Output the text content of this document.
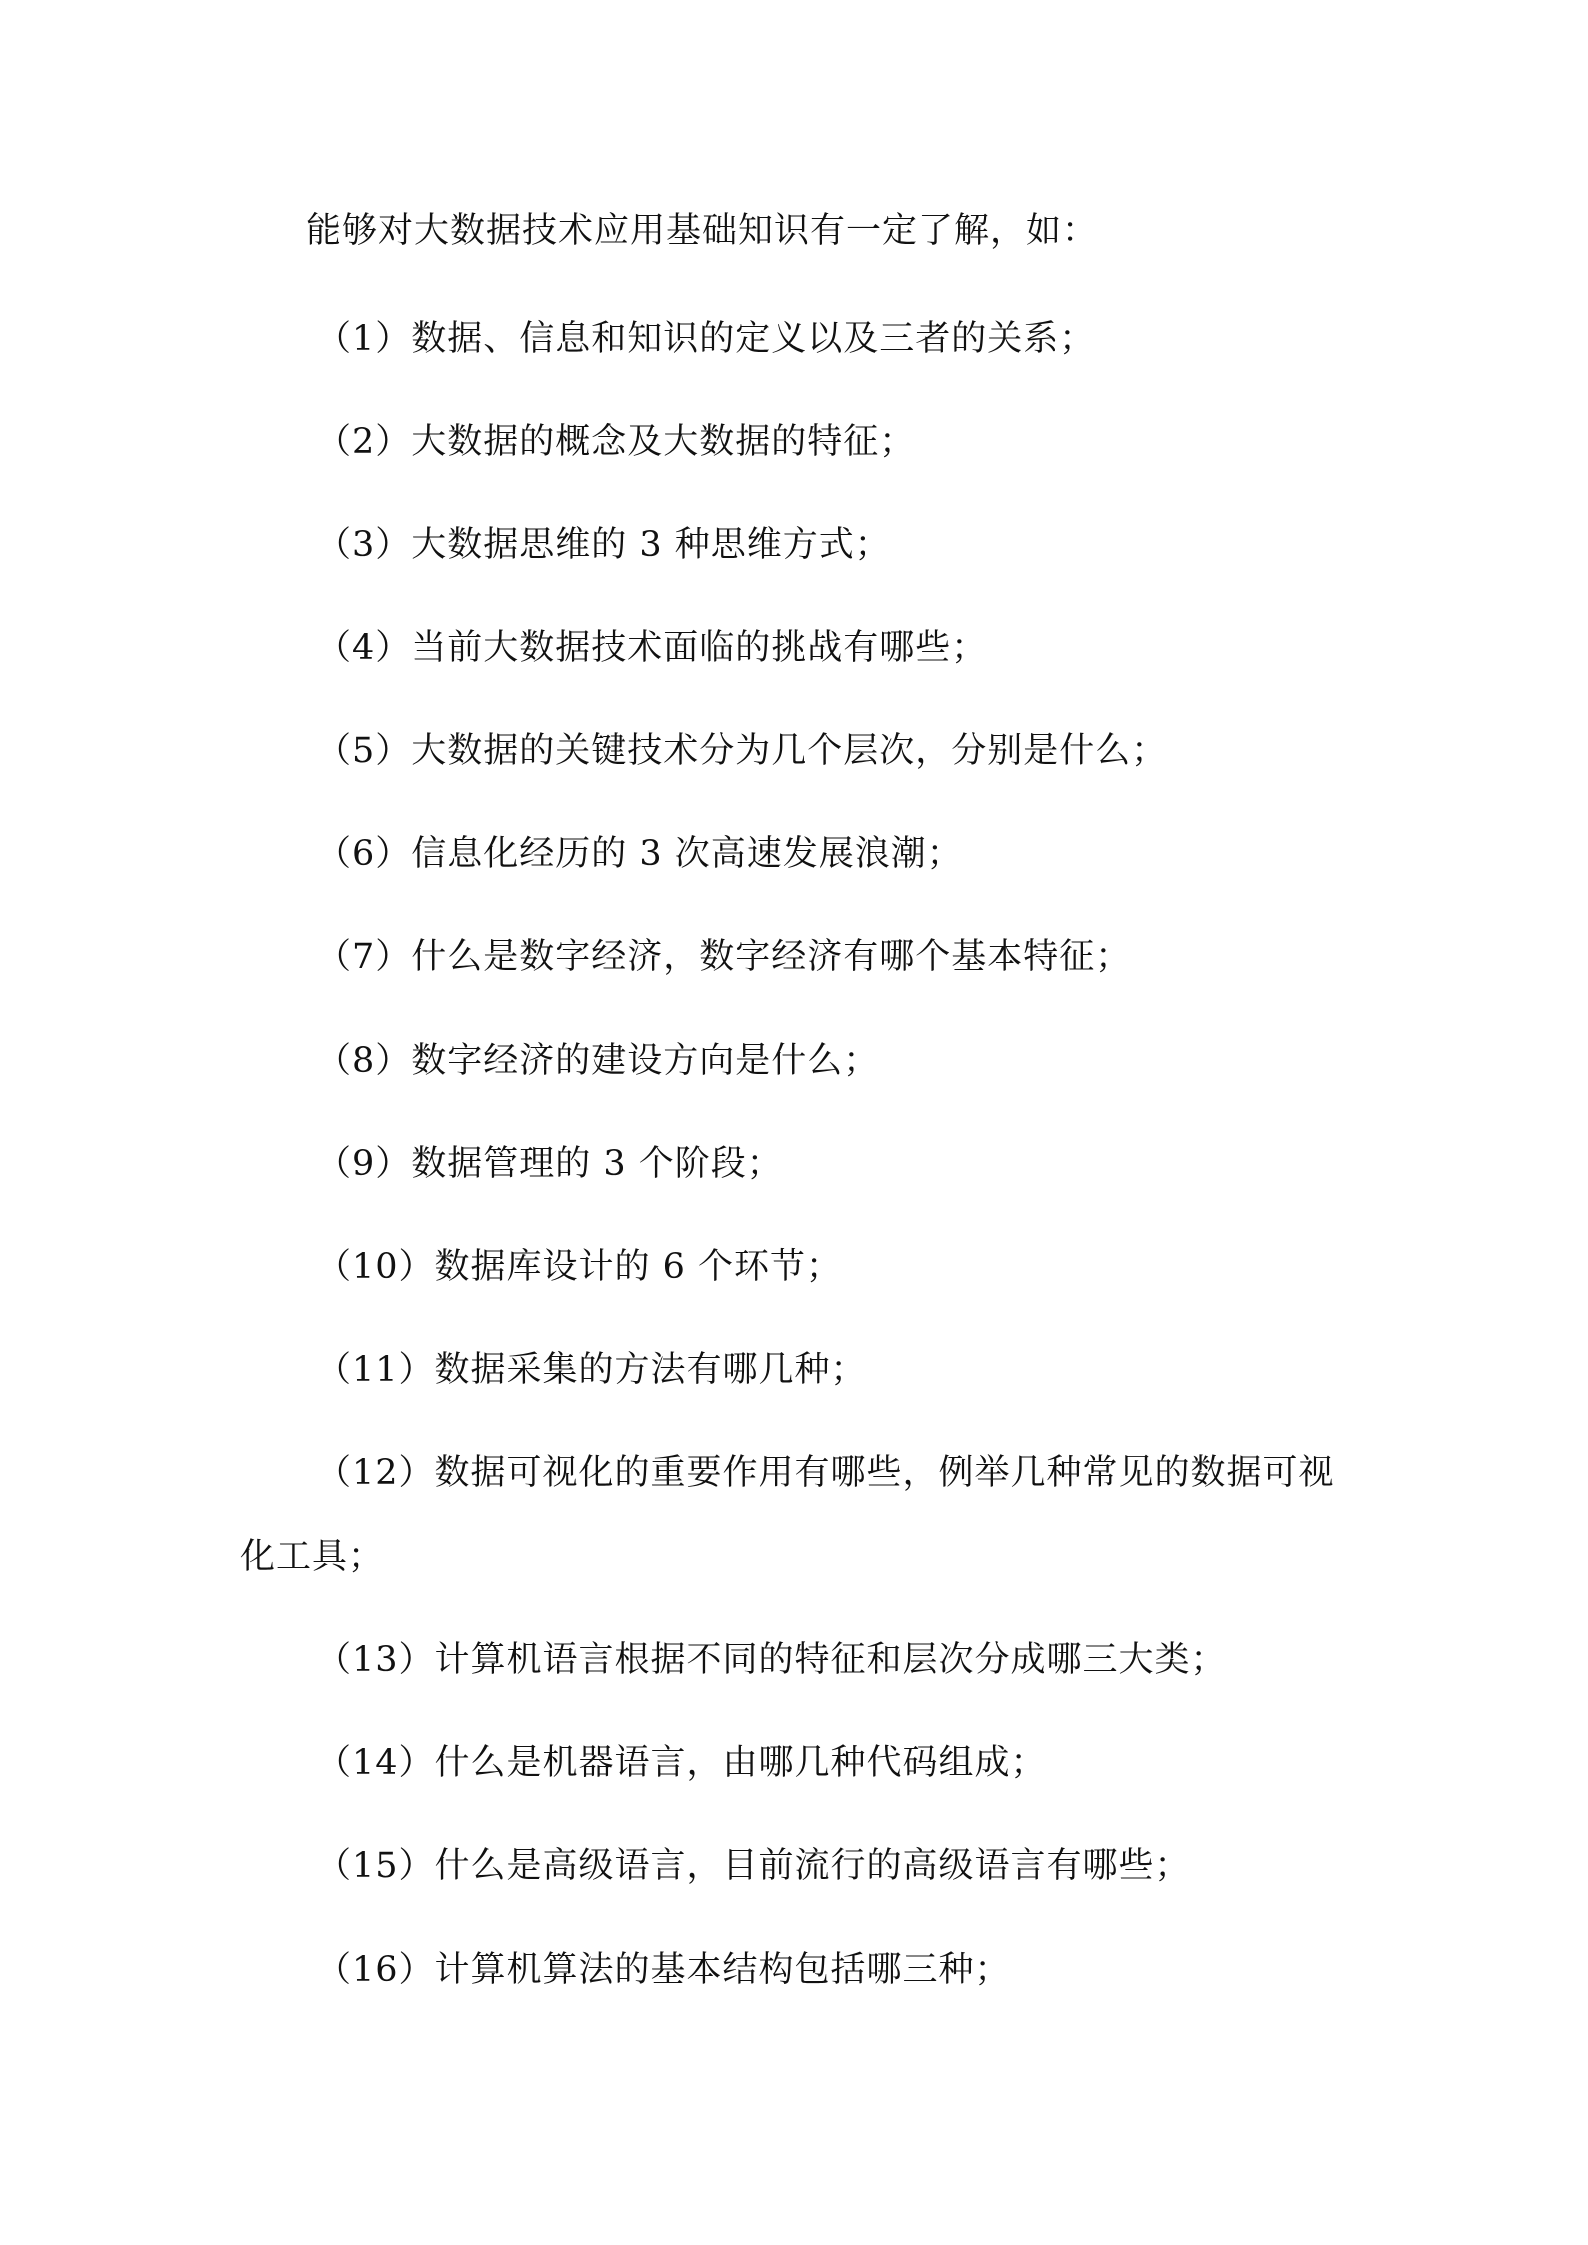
能够对大数据技术应用基础知识有一定了解，如：
（1）数据、信息和知识的定义以及三者的关系；
（2）大数据的概念及大数据的特征；
（3）大数据思维的 3 种思维方式；
（4）当前大数据技术面临的挑战有哪些；
（5）大数据的关键技术分为几个层次，分别是什么；
（6）信息化经历的 3 次高速发展浪潮；
（7）什么是数字经济，数字经济有哪个基本特征；
（8）数字经济的建设方向是什么；
（9）数据管理的 3 个阶段；
（10）数据库设计的 6 个环节；
（11）数据采集的方法有哪几种；
（12）数据可视化的重要作用有哪些，例举几种常见的数据可视
化工具；
（13）计算机语言根据不同的特征和层次分成哪三大类；
（14）什么是机器语言，由哪几种代码组成；
（15）什么是高级语言，目前流行的高级语言有哪些；
（16）计算机算法的基本结构包括哪三种；
